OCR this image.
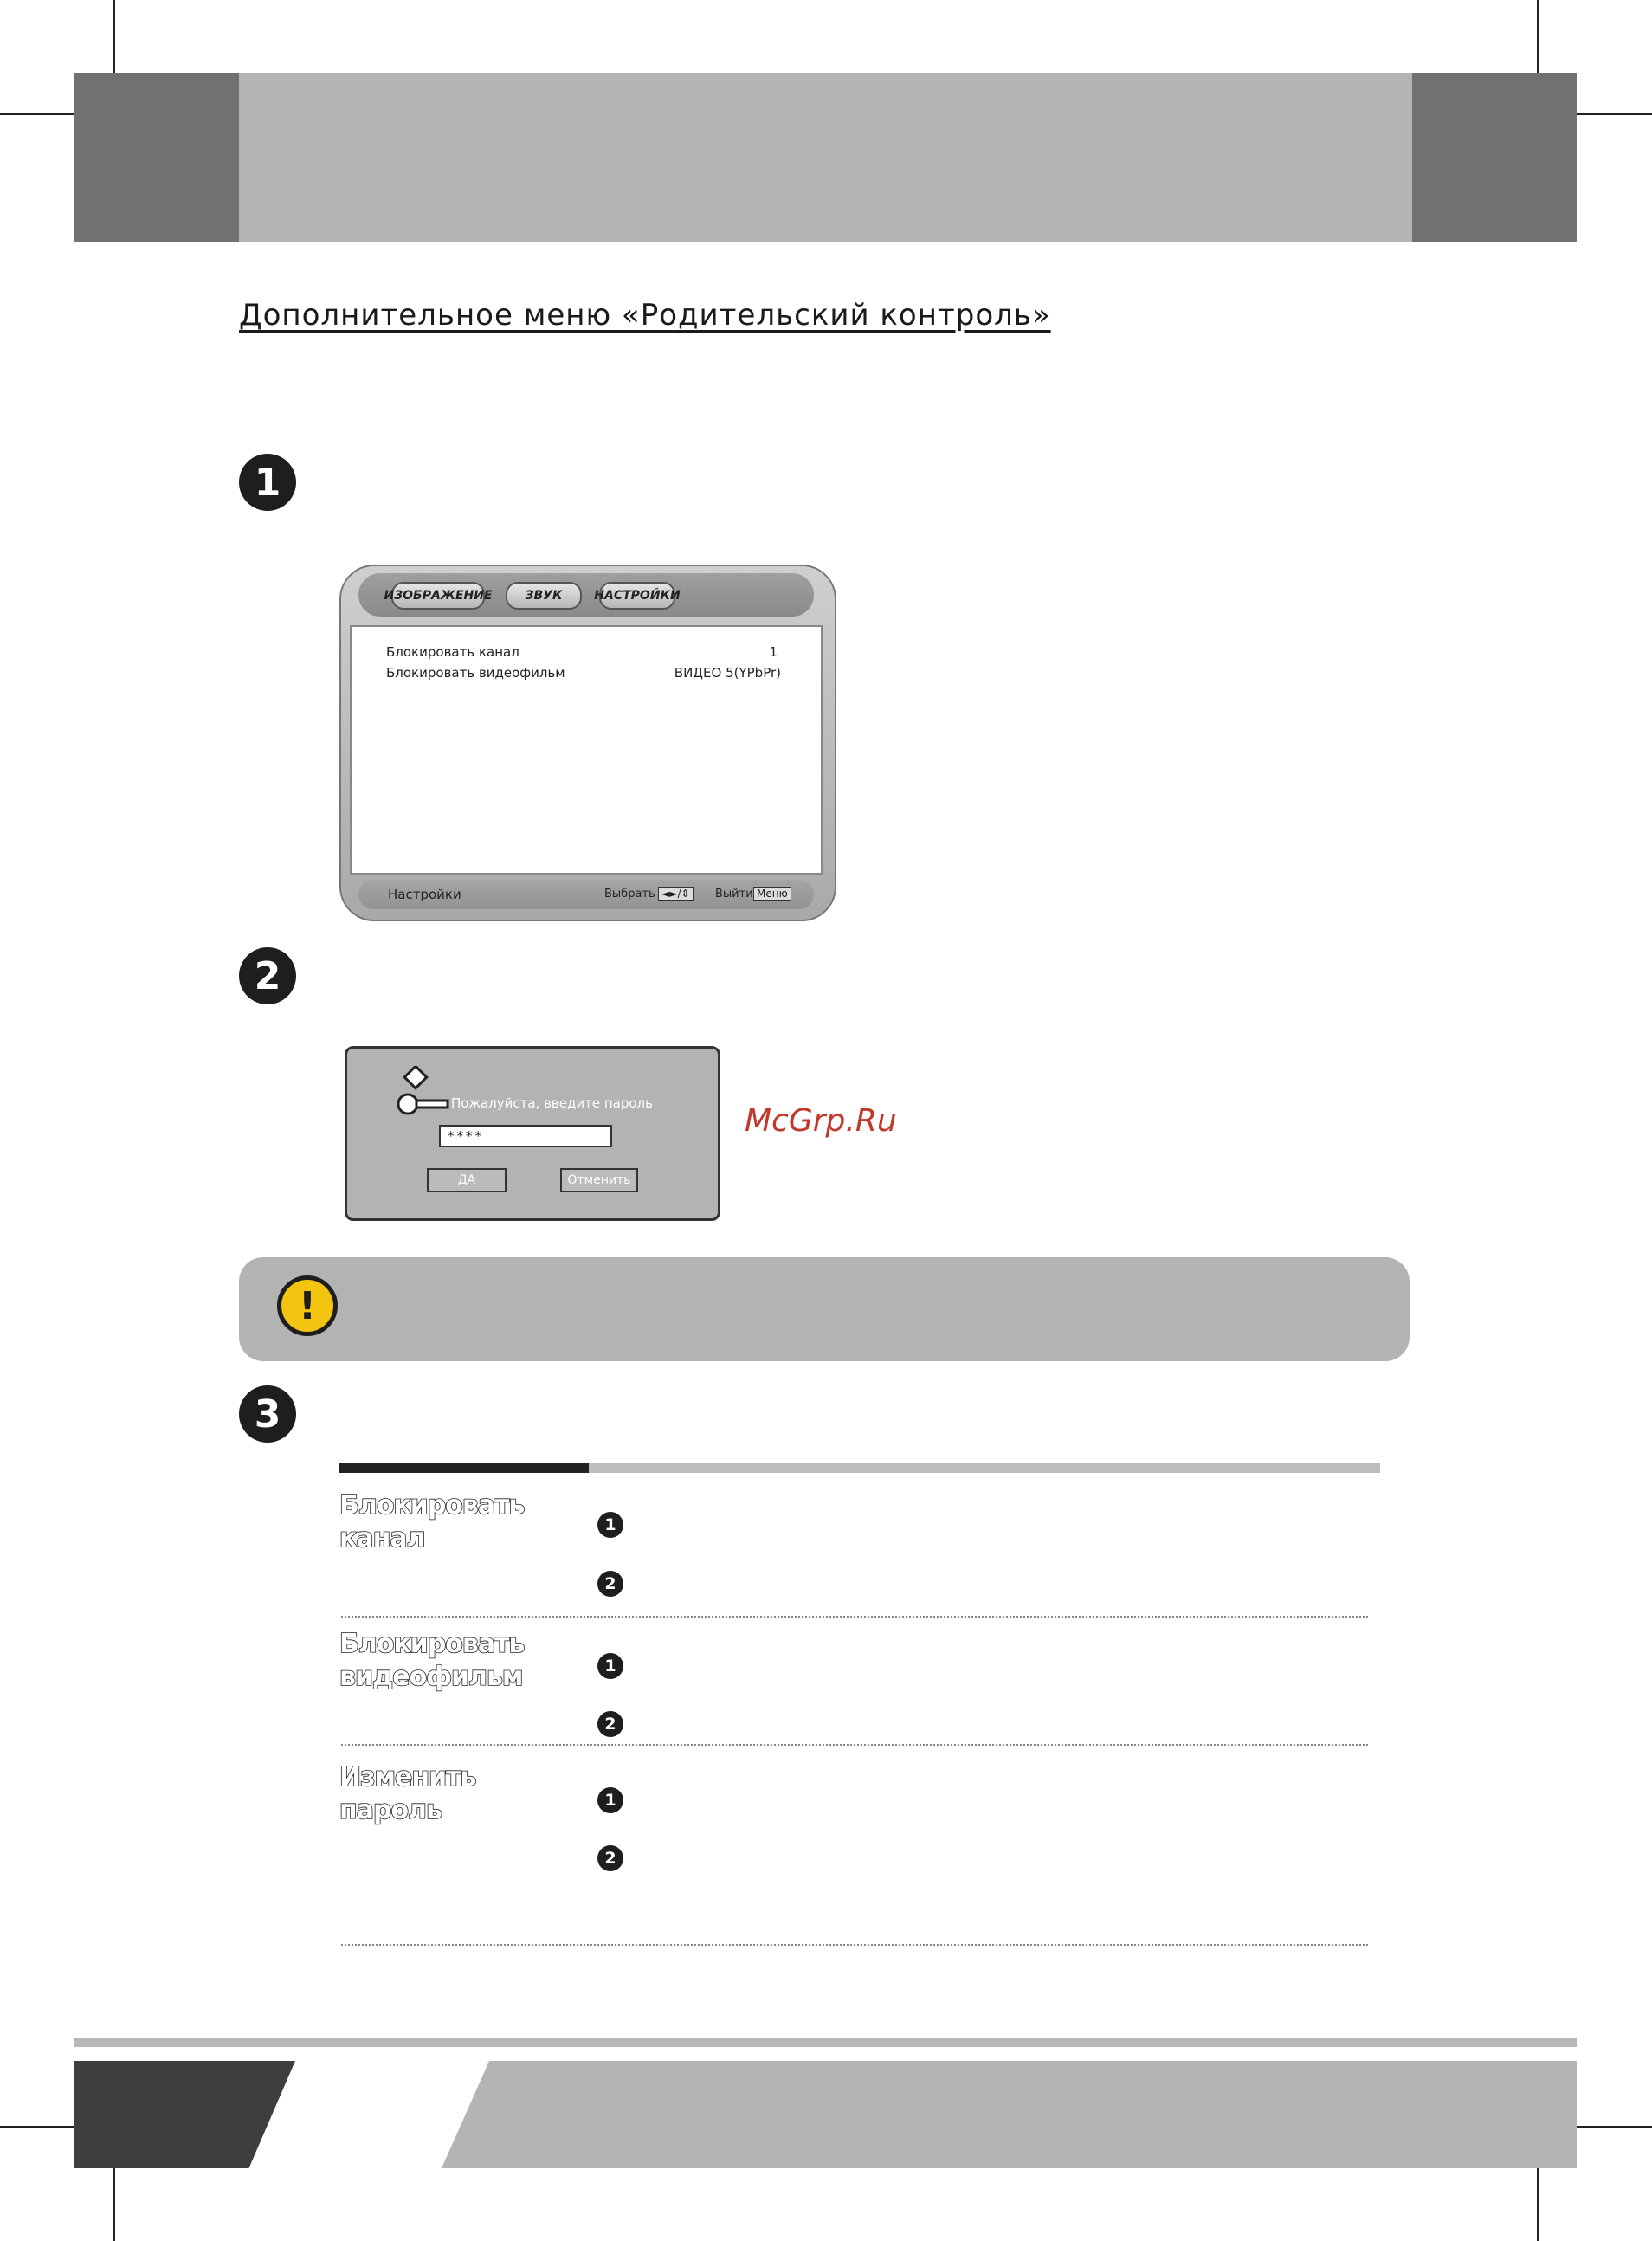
Дополнительное меню «Родительский контроль»
1
ИЗОБРАЖЕНИЕ	ЗВУК	НАСТРОЙКИ
Блокировать канал	1
Блокировать видеофильм	ВИДЕО 5(YPbPr)
Настройки	Выбрать ◄►/⇕	Выйти Меню
2
Пожалуйста, введите пароль
****
ДА	Отменить
McGrp.Ru
!
3
Блокировать
канал	1
2
Блокировать
видеофильм	1
2
Изменить
пароль	1
2
